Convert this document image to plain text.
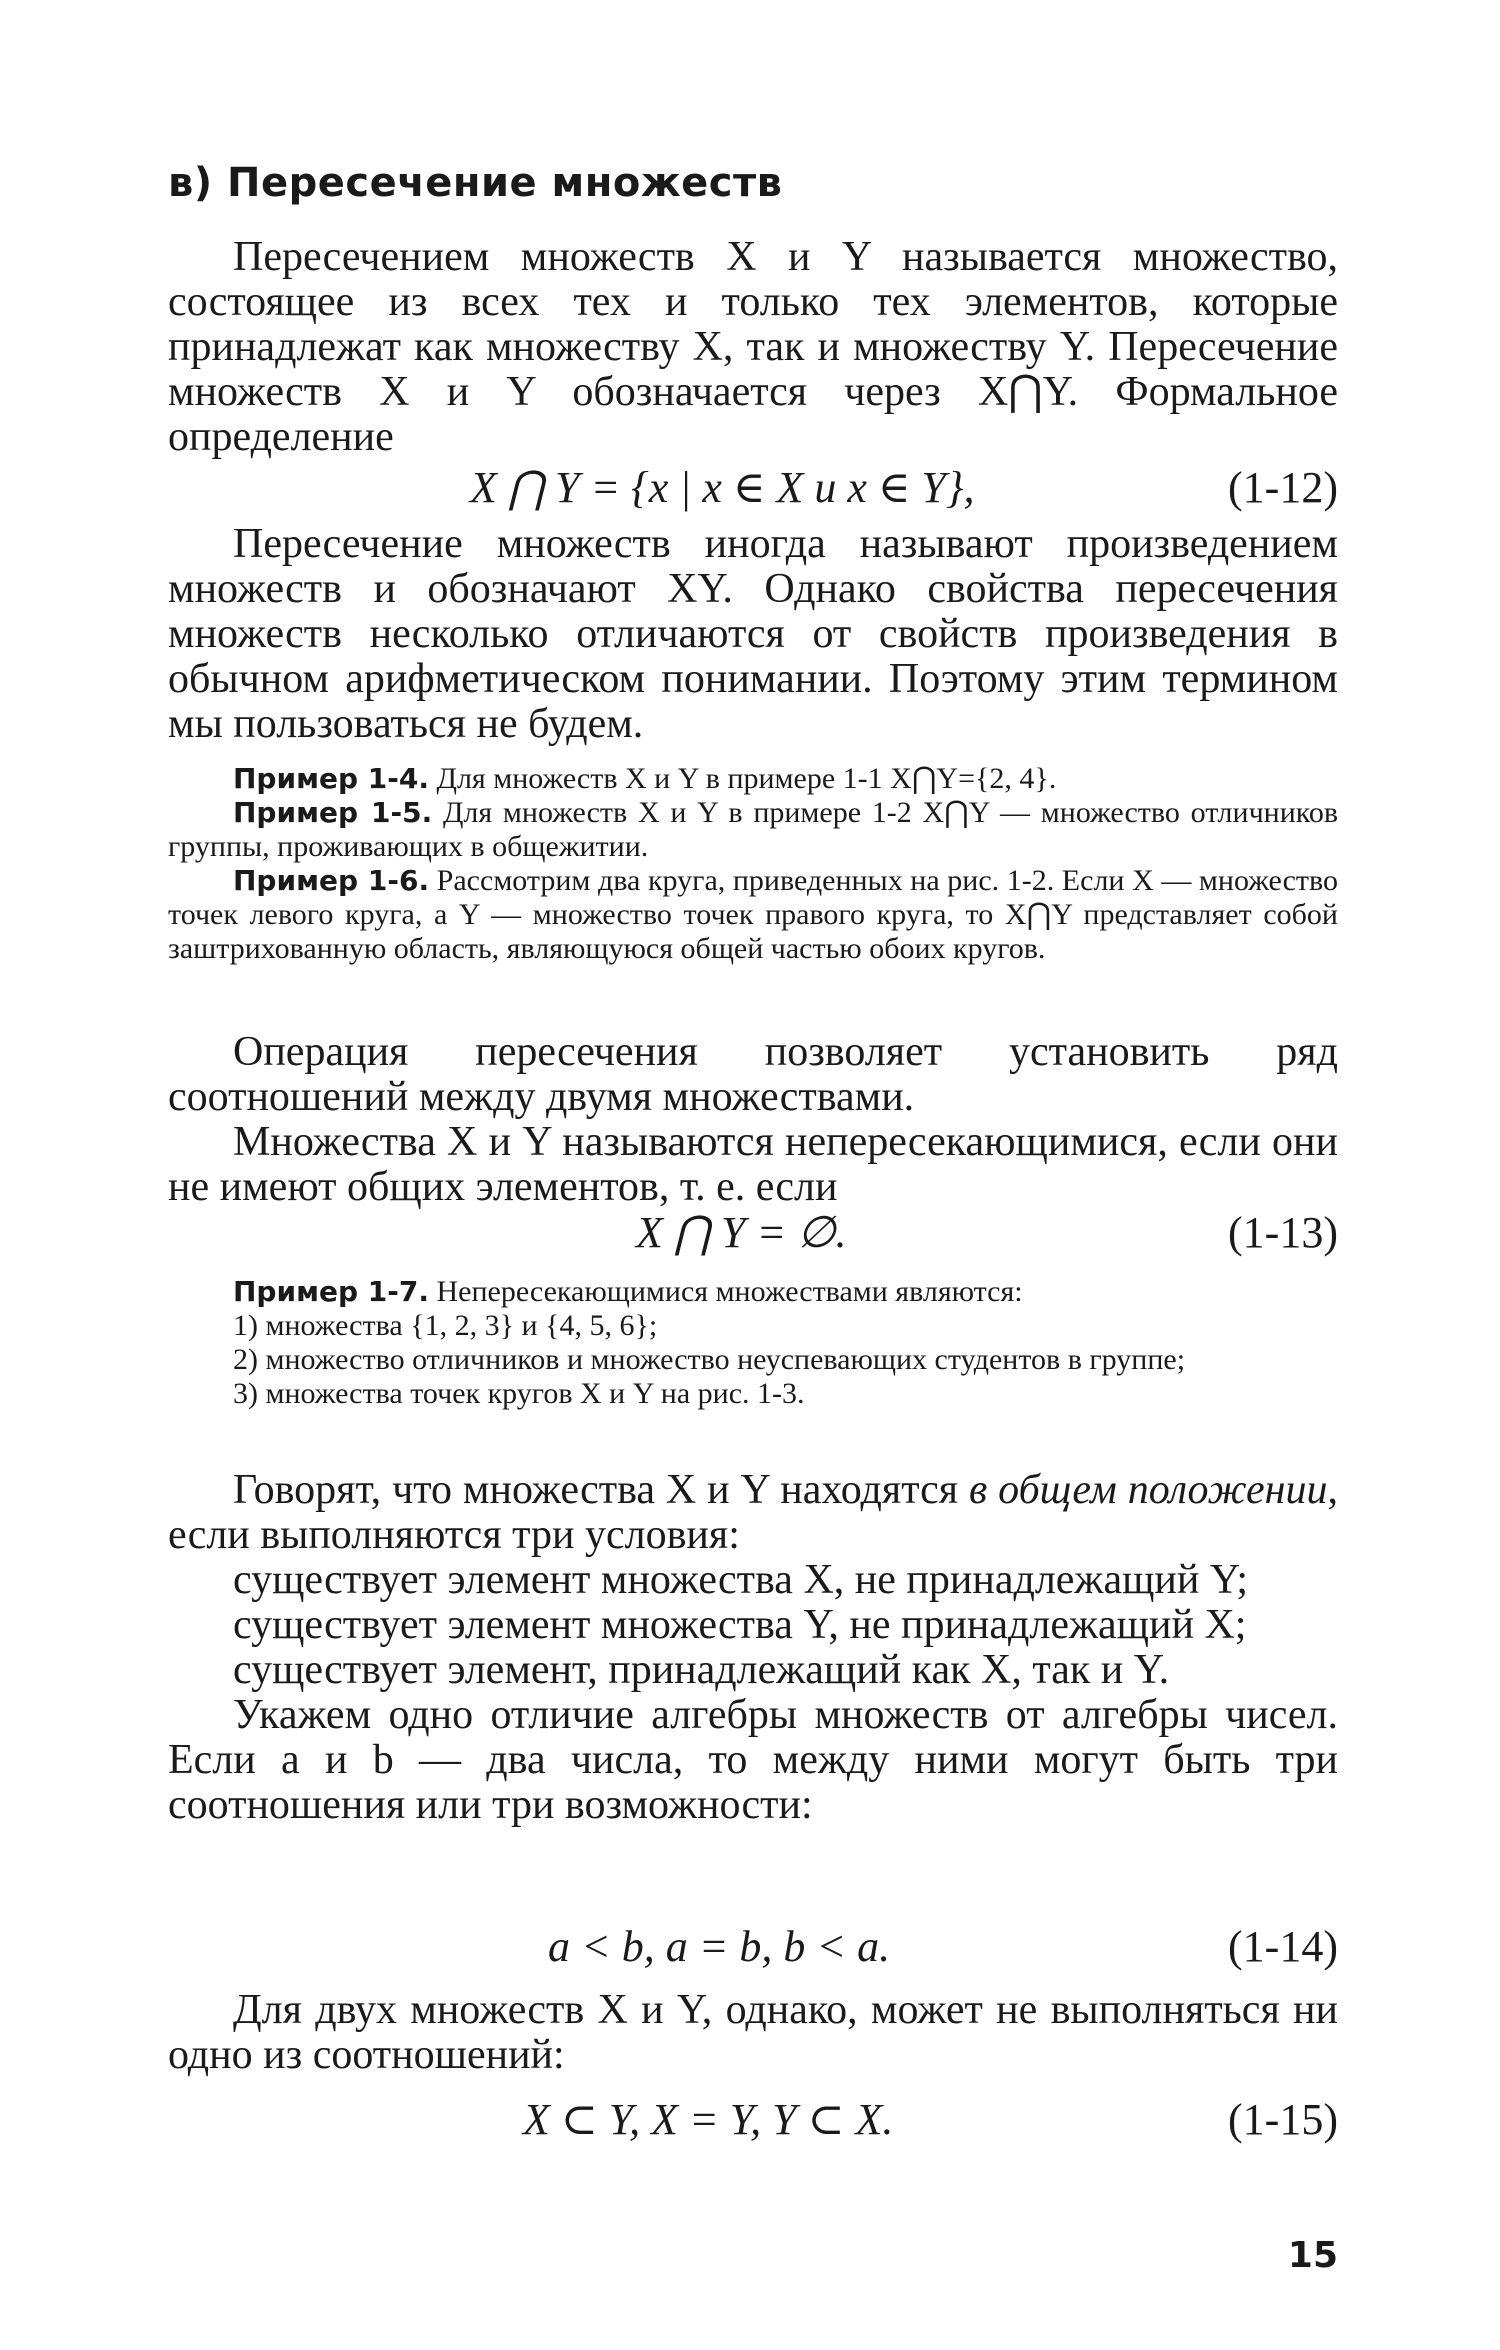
в) Пересечение множеств

Пересечением множеств X и Y называется множество, состоящее из всех тех и только тех элементов, которые принадлежат как множеству X, так и множеству Y. Пересечение множеств X и Y обозначается через X⋂Y. Формальное определение

X ⋂ Y = {x | x ∈ X и x ∈ Y},	(1-12)

Пересечение множеств иногда называют произведением множеств и обозначают XY. Однако свойства пересечения множеств несколько отличаются от свойств произведения в обычном арифметическом понимании. Поэтому этим термином мы пользоваться не будем.

Пример 1-4. Для множеств X и Y в примере 1-1 X⋂Y={2, 4}.

Пример 1-5. Для множеств X и Y в примере 1-2 X⋂Y — множество отличников группы, проживающих в общежитии.

Пример 1-6. Рассмотрим два круга, приведенных на рис. 1-2. Если X — множество точек левого круга, а Y — множество точек правого круга, то X⋂Y представляет собой заштрихованную область, являющуюся общей частью обоих кругов.

Операция пересечения позволяет установить ряд соотношений между двумя множествами.

Множества X и Y называются непересекающимися, если они не имеют общих элементов, т. е. если

X ⋂ Y = ∅.	(1-13)

Пример 1-7. Непересекающимися множествами являются:

1) множества {1, 2, 3} и {4, 5, 6};

2) множество отличников и множество неуспевающих студентов в группе;

3) множества точек кругов X и Y на рис. 1-3.

Говорят, что множества X и Y находятся в общем положении, если выполняются три условия:

существует элемент множества X, не принадлежащий Y;

существует элемент множества Y, не принадлежащий X;

существует элемент, принадлежащий как X, так и Y.

Укажем одно отличие алгебры множеств от алгебры чисел. Если a и b — два числа, то между ними могут быть три соотношения или три возможности:

a < b, a = b, b < a.	(1-14)

Для двух множеств X и Y, однако, может не выполняться ни одно из соотношений:

X ⊂ Y, X = Y, Y ⊂ X.	(1-15)
15
